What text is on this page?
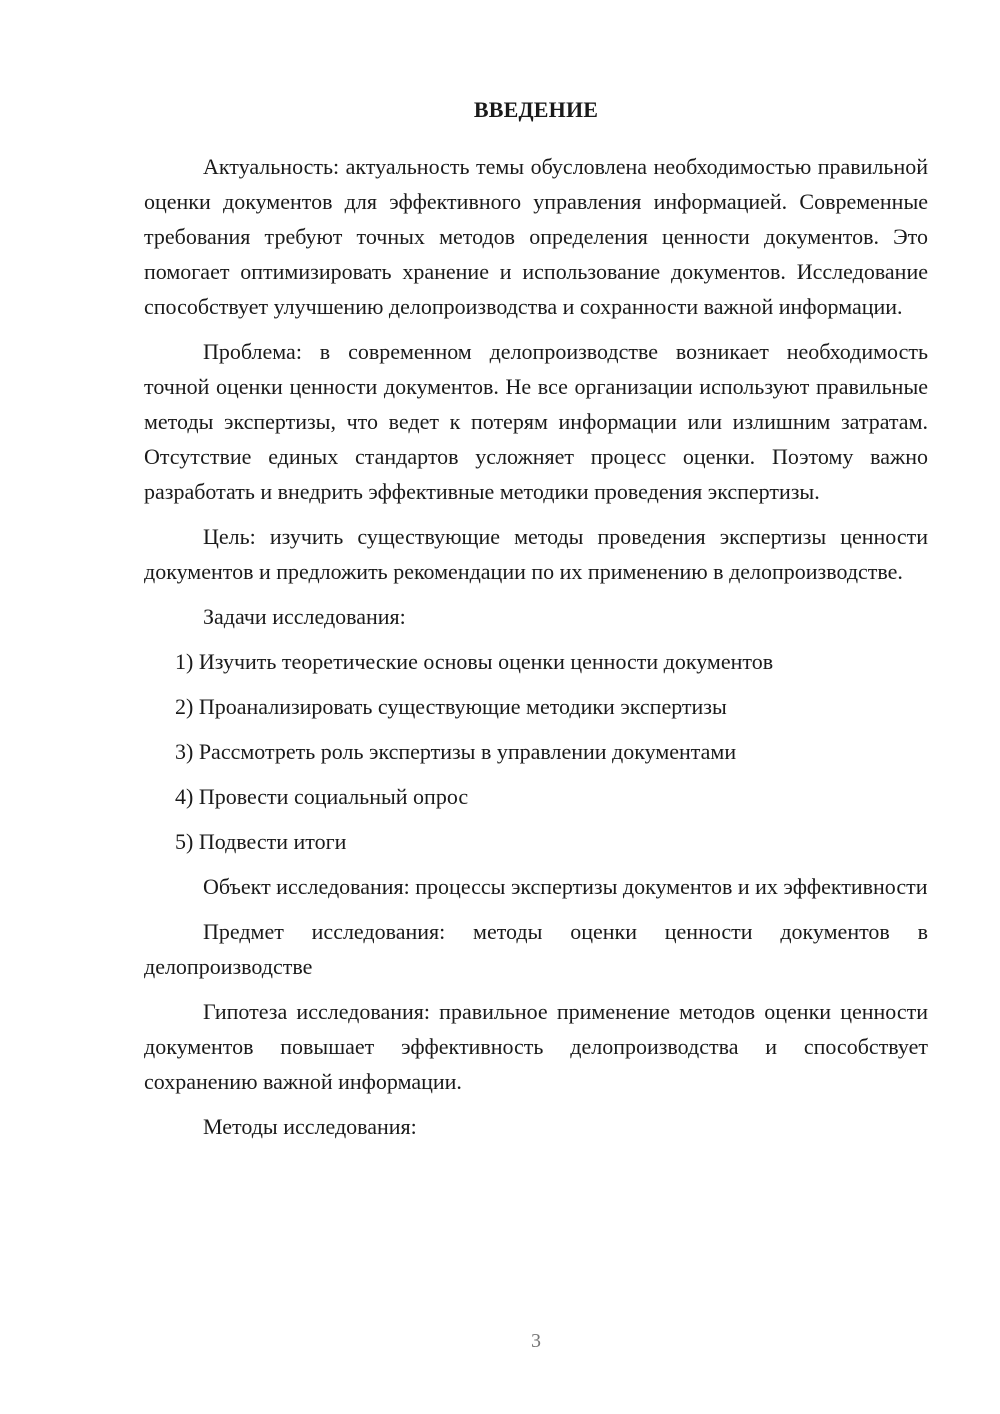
ВВЕДЕНИЕ

Актуальность: актуальность темы обусловлена необходимостью правильной оценки документов для эффективного управления информацией. Современные требования требуют точных методов определения ценности документов. Это помогает оптимизировать хранение и использование документов. Исследование способствует улучшению делопроизводства и сохранности важной информации.

Проблема: в современном делопроизводстве возникает необходимость точной оценки ценности документов. Не все организации используют правильные методы экспертизы, что ведет к потерям информации или излишним затратам. Отсутствие единых стандартов усложняет процесс оценки. Поэтому важно разработать и внедрить эффективные методики проведения экспертизы.

Цель: изучить существующие методы проведения экспертизы ценности документов и предложить рекомендации по их применению в делопроизводстве.

Задачи исследования:

1) Изучить теоретические основы оценки ценности документов

2) Проанализировать существующие методики экспертизы

3) Рассмотреть роль экспертизы в управлении документами

4) Провести социальный опрос

5) Подвести итоги

Объект исследования: процессы экспертизы документов и их эффективности

Предмет исследования: методы оценки ценности документов в делопроизводстве

Гипотеза исследования: правильное применение методов оценки ценности документов повышает эффективность делопроизводства и способствует сохранению важной информации.

Методы исследования:

3
